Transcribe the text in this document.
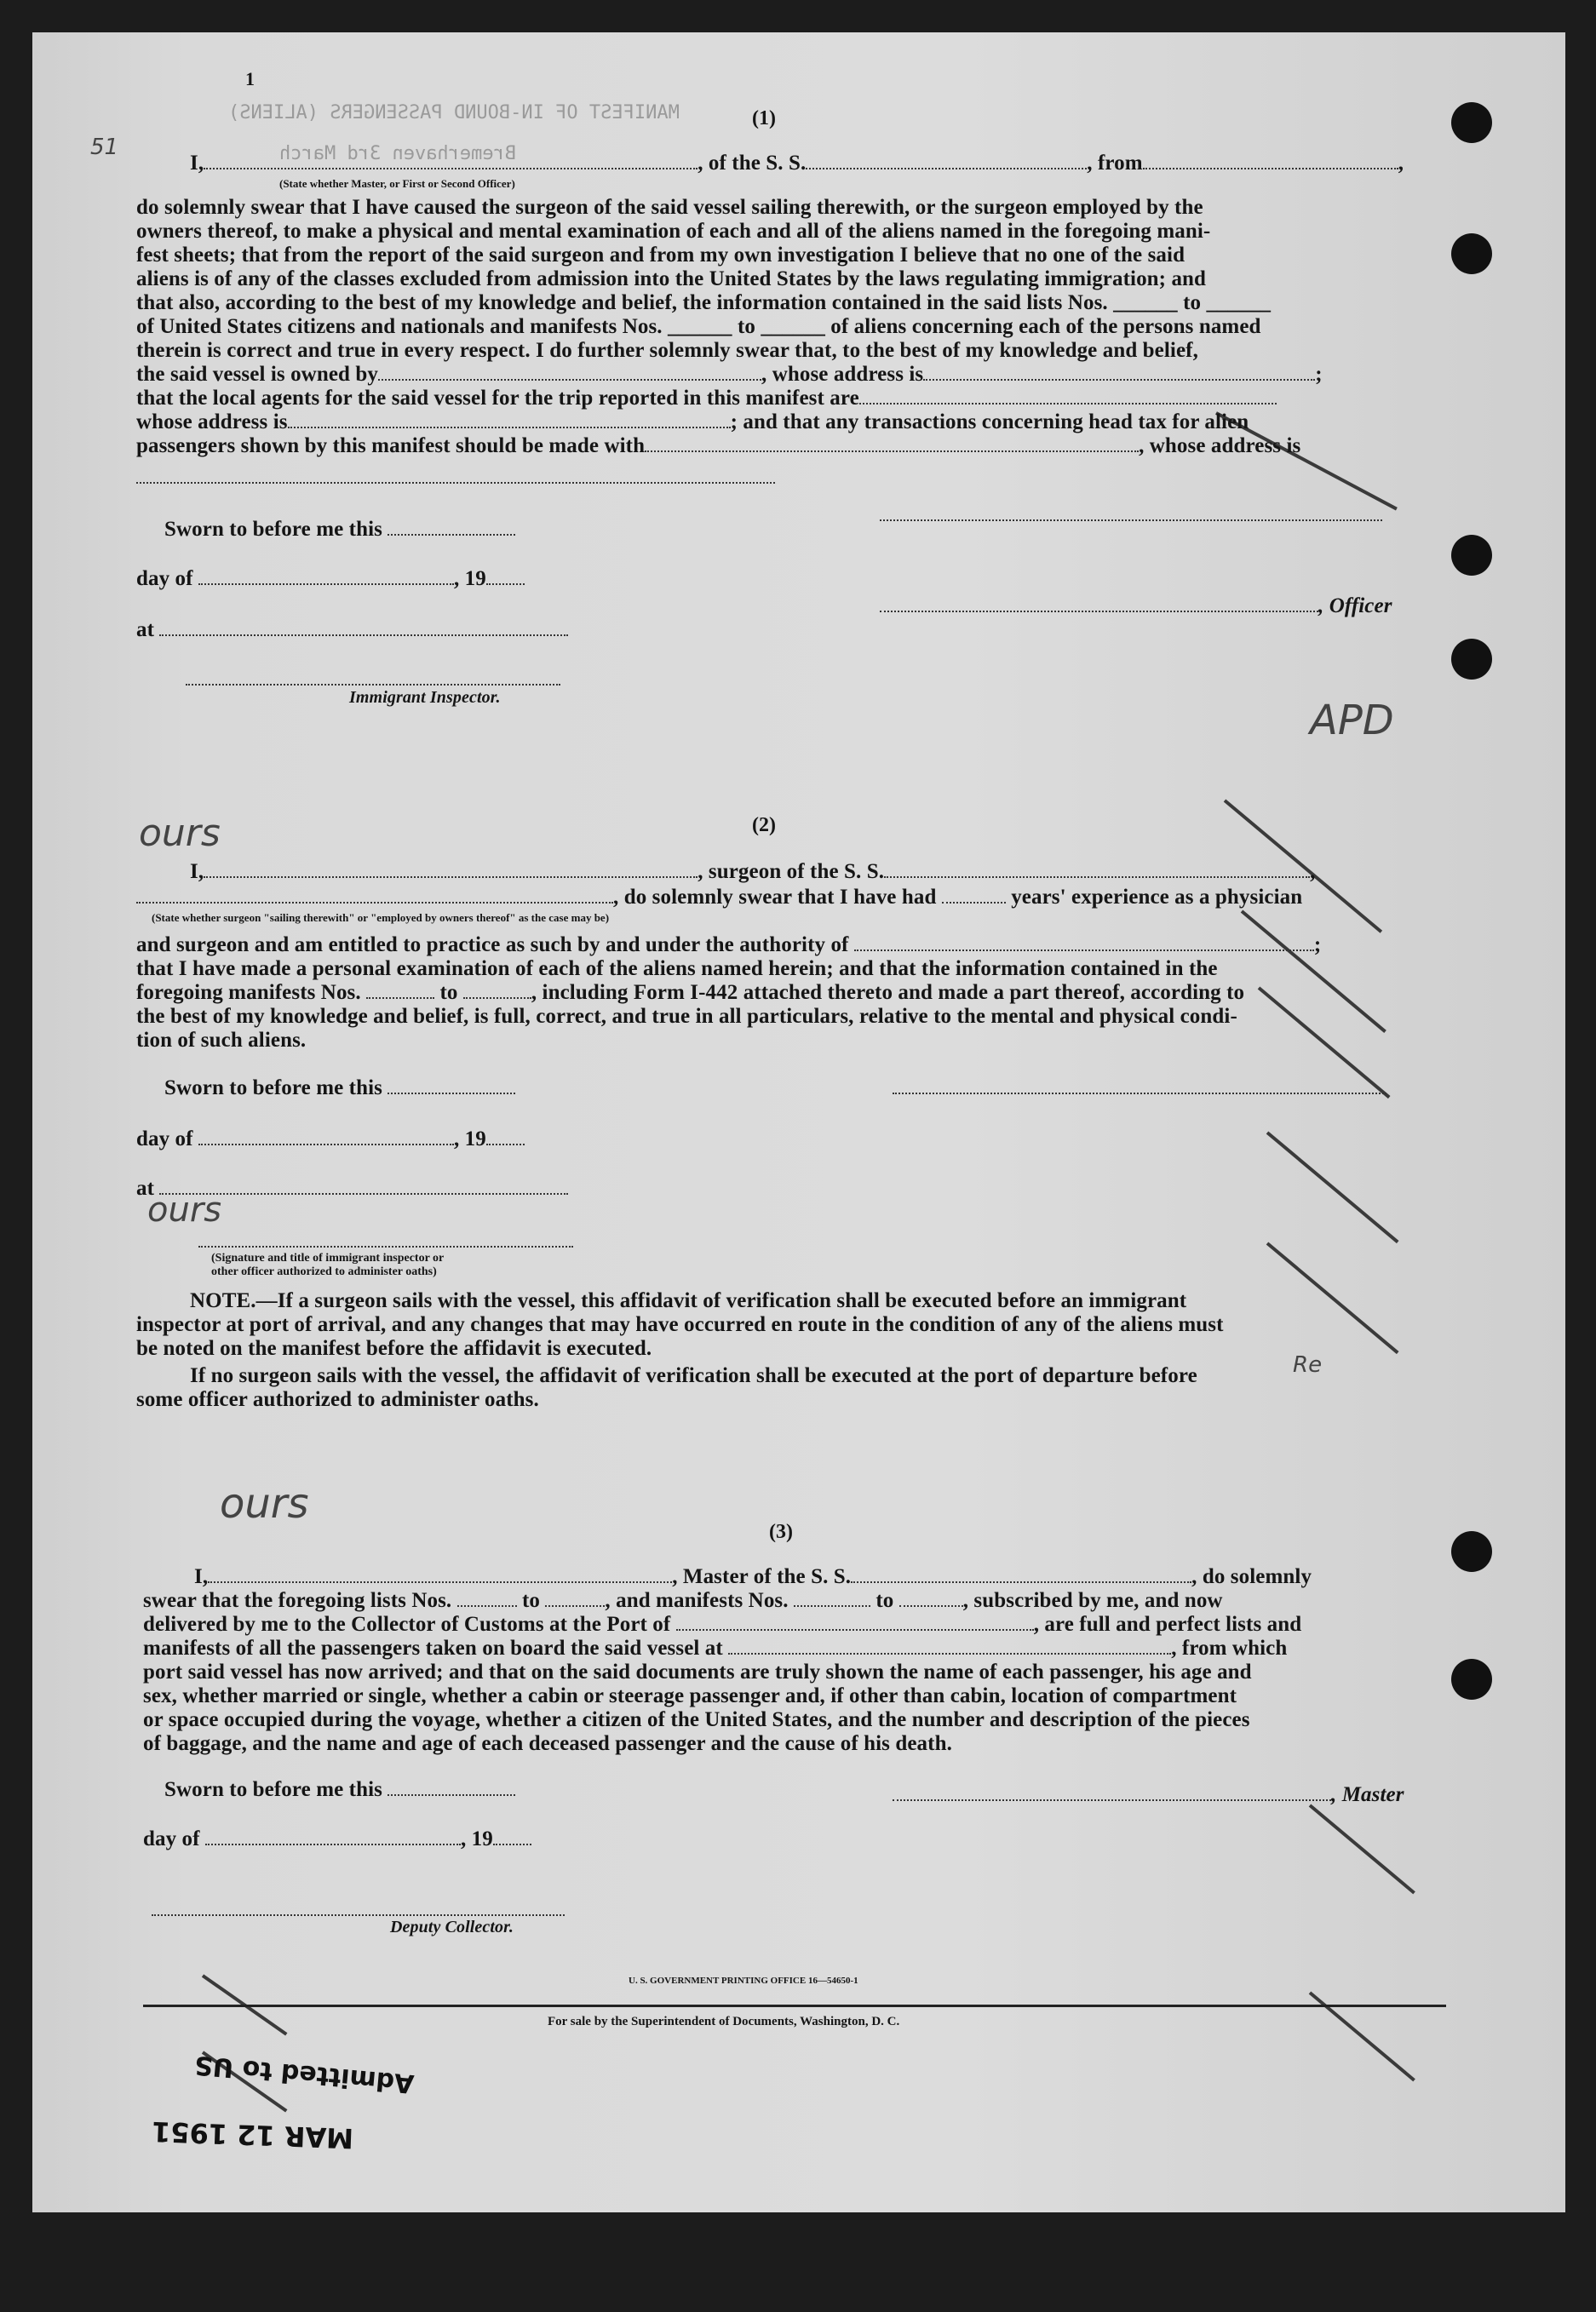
MANIFEST OF IN-BOUND PASSENGERS (ALIENS)
Bremerhaven 3rd March
51
APD
ours
ours
Re
ours
1
(1)
I,	, of the S. S.	, from	,
(State whether Master, or First or Second Officer)
do solemnly swear that I have caused the surgeon of the said vessel sailing therewith, or the surgeon employed by the
owners thereof, to make a physical and mental examination of each and all of the aliens named in the foregoing mani-
fest sheets; that from the report of the said surgeon and from my own investigation I believe that no one of the said
aliens is of any of the classes excluded from admission into the United States by the laws regulating immigration; and
that also, according to the best of my knowledge and belief, the information contained in the said lists Nos. ______ to ______
of United States citizens and nationals and manifests Nos. ______ to ______ of aliens concerning each of the persons named
therein is correct and true in every respect. I do further solemnly swear that, to the best of my knowledge and belief,
the said vessel is owned by	, whose address is	;
that the local agents for the said vessel for the trip reported in this manifest are
whose address is	; and that any transactions concerning head tax for alien
passengers shown by this manifest should be made with	, whose address is
Sworn to before me this
day of	, 19
at
Immigrant Inspector.
, Officer
(2)
I,	, surgeon of the S. S.	,
, do solemnly swear that I have had	years' experience as a physician
(State whether surgeon "sailing therewith" or "employed by owners thereof" as the case may be)
and surgeon and am entitled to practice as such by and under the authority of	;
that I have made a personal examination of each of the aliens named herein; and that the information contained in the
foregoing manifests Nos.	to	, including Form I-442 attached thereto and made a part thereof, according to
the best of my knowledge and belief, is full, correct, and true in all particulars, relative to the mental and physical condi-
tion of such aliens.
Sworn to before me this
day of	, 19
at
(Signature and title of immigrant inspector or
other officer authorized to administer oaths)
NOTE.—If a surgeon sails with the vessel, this affidavit of verification shall be executed before an immigrant
inspector at port of arrival, and any changes that may have occurred en route in the condition of any of the aliens must
be noted on the manifest before the affidavit is executed.
If no surgeon sails with the vessel, the affidavit of verification shall be executed at the port of departure before
some officer authorized to administer oaths.
(3)
I,	, Master of the S. S.	, do solemnly
swear that the foregoing lists Nos.	to	, and manifests Nos.	to	, subscribed by me, and now
delivered by me to the Collector of Customs at the Port of	, are full and perfect lists and
manifests of all the passengers taken on board the said vessel at	, from which
port said vessel has now arrived; and that on the said documents are truly shown the name of each passenger, his age and
sex, whether married or single, whether a cabin or steerage passenger and, if other than cabin, location of compartment
or space occupied during the voyage, whether a citizen of the United States, and the number and description of the pieces
of baggage, and the name and age of each deceased passenger and the cause of his death.
Sworn to before me this	, Master
day of	, 19
Deputy Collector.
U. S. GOVERNMENT PRINTING OFFICE 16—54650-1
For sale by the Superintendent of Documents, Washington, D. C.
MAR 12 1951
Admitted to US
